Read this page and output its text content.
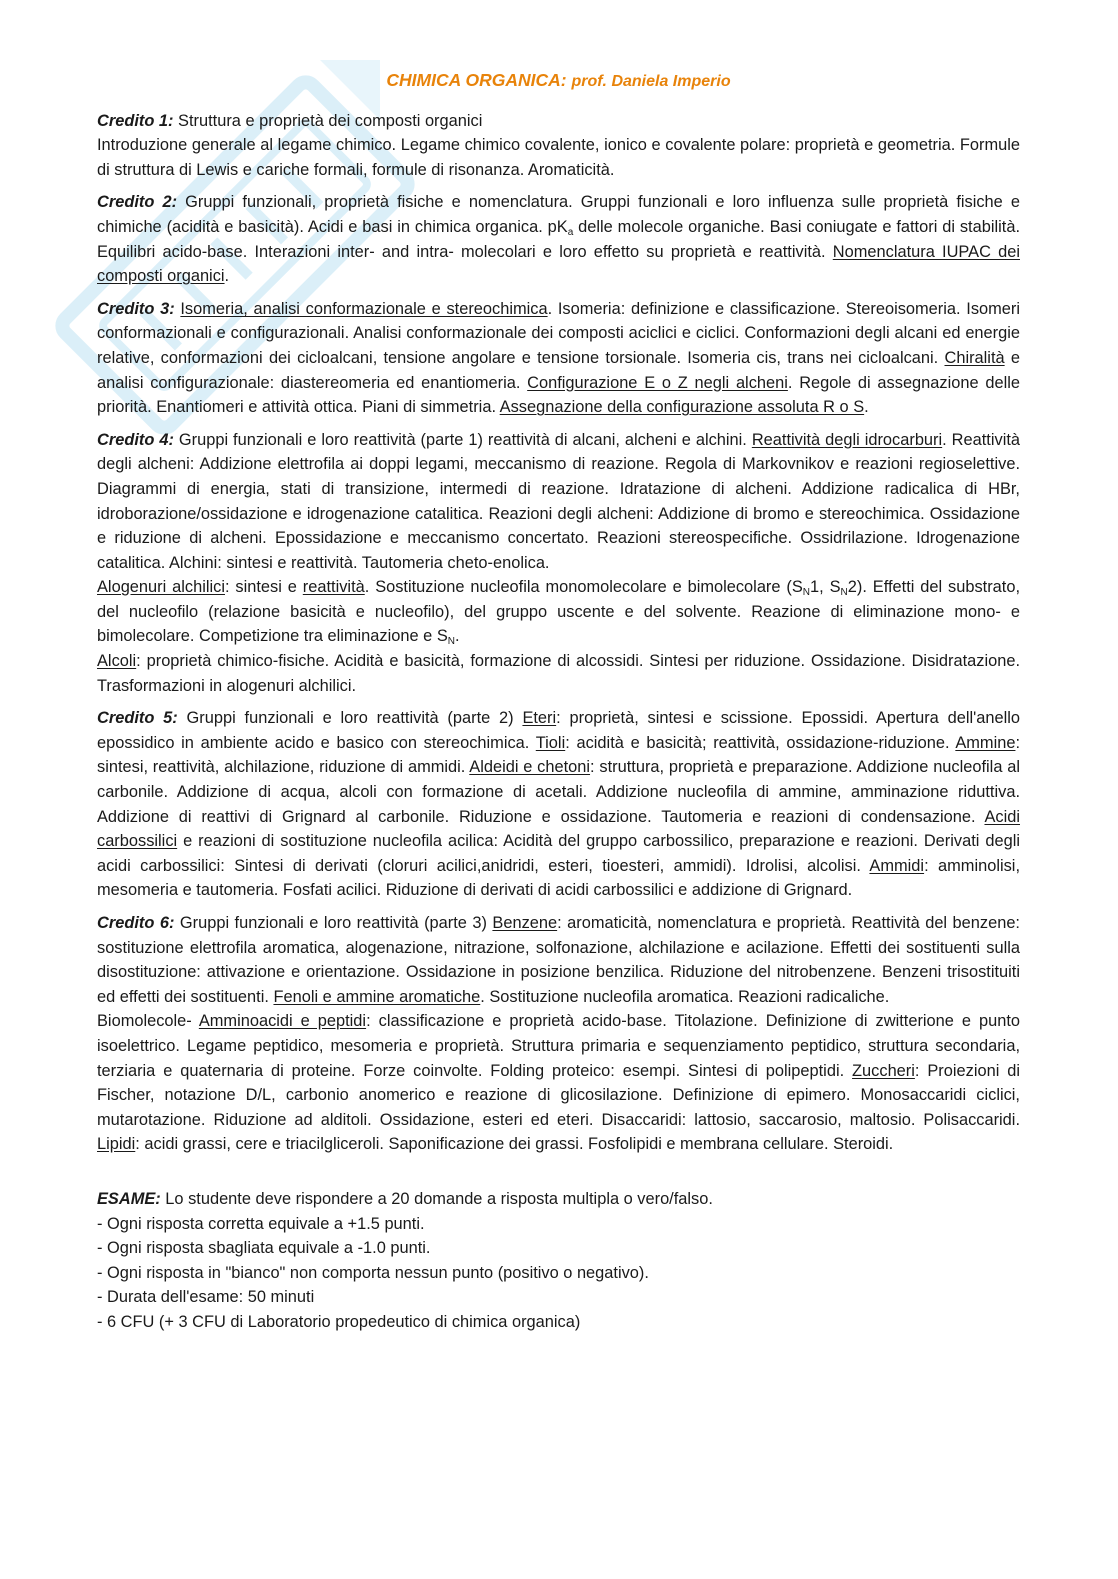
CHIMICA ORGANICA: prof. Daniela Imperio

Credito 1: Struttura e proprietà dei composti organici

Introduzione generale al legame chimico. Legame chimico covalente, ionico e covalente polare: proprietà e geometria. Formule di struttura di Lewis e cariche formali, formule di risonanza. Aromaticità.

Credito 2: Gruppi funzionali, proprietà fisiche e nomenclatura. Gruppi funzionali e loro influenza sulle proprietà fisiche e chimiche (acidità e basicità). Acidi e basi in chimica organica. $pK_a$ delle molecole organiche. Basi coniugate e fattori di stabilità. Equilibri acido-base. Interazioni inter- and intra- molecolari e loro effetto su proprietà e reattività. Nomenclatura IUPAC dei composti organici.

Credito 3: Isomeria, analisi conformazionale e stereochimica. Isomeria: definizione e classificazione. Stereoisomeria. Isomeri conformazionali e configurazionali. Analisi conformazionale dei composti aciclici e ciclici. Conformazioni degli alcani ed energie relative, conformazioni dei cicloalcani, tensione angolare e tensione torsionale. Isomeria cis, trans nei cicloalcani. Chiralità e analisi configurazionale: diastereomeria ed enantiomeria. Configurazione E o Z negli alcheni. Regole di assegnazione delle priorità. Enantiomeri e attività ottica. Piani di simmetria. Assegnazione della configurazione assoluta R o S.

Credito 4: Gruppi funzionali e loro reattività (parte 1) reattività di alcani, alcheni e alchini. Reattività degli idrocarburi. Reattività degli alcheni: Addizione elettrofila ai doppi legami, meccanismo di reazione. Regola di Markovnikov e reazioni regioselettive. Diagrammi di energia, stati di transizione, intermedi di reazione. Idratazione di alcheni. Addizione radicalica di HBr, idroborazione/ossidazione e idrogenazione catalitica. Reazioni degli alcheni: Addizione di bromo e stereochimica. Ossidazione e riduzione di alcheni. Epossidazione e meccanismo concertato. Reazioni stereospecifiche. Ossidrilazione. Idrogenazione catalitica. Alchini: sintesi e reattività. Tautomeria cheto-enolica.

Alogenuri alchilici: sintesi e reattività. Sostituzione nucleofila monomolecolare e bimolecolare ($S_N1$, $S_N2$). Effetti del substrato, del nucleofilo (relazione basicità e nucleofilo), del gruppo uscente e del solvente. Reazione di eliminazione mono- e bimolecolare. Competizione tra eliminazione e $S_N$.

Alcoli: proprietà chimico-fisiche. Acidità e basicità, formazione di alcossidi. Sintesi per riduzione. Ossidazione. Disidratazione. Trasformazioni in alogenuri alchilici.

Credito 5: Gruppi funzionali e loro reattività (parte 2) Eteri: proprietà, sintesi e scissione. Epossidi. Apertura dell'anello epossidico in ambiente acido e basico con stereochimica. Tioli: acidità e basicità; reattività, ossidazione-riduzione. Ammine: sintesi, reattività, alchilazione, riduzione di ammidi. Aldeidi e chetoni: struttura, proprietà e preparazione. Addizione nucleofila al carbonile. Addizione di acqua, alcoli con formazione di acetali. Addizione nucleofila di ammine, amminazione riduttiva. Addizione di reattivi di Grignard al carbonile. Riduzione e ossidazione. Tautomeria e reazioni di condensazione. Acidi carbossilici e reazioni di sostituzione nucleofila acilica: Acidità del gruppo carbossilico, preparazione e reazioni. Derivati degli acidi carbossilici: Sintesi di derivati (cloruri acilici,anidridi, esteri, tioesteri, ammidi). Idrolisi, alcolisi. Ammidi: amminolisi, mesomeria e tautomeria. Fosfati acilici. Riduzione di derivati di acidi carbossilici e addizione di Grignard.

Credito 6: Gruppi funzionali e loro reattività (parte 3) Benzene: aromaticità, nomenclatura e proprietà. Reattività del benzene: sostituzione elettrofila aromatica, alogenazione, nitrazione, solfonazione, alchilazione e acilazione. Effetti dei sostituenti sulla disostituzione: attivazione e orientazione. Ossidazione in posizione benzilica. Riduzione del nitrobenzene. Benzeni trisostituiti ed effetti dei sostituenti. Fenoli e ammine aromatiche. Sostituzione nucleofila aromatica. Reazioni radicaliche.

Biomolecole- Amminoacidi e peptidi: classificazione e proprietà acido-base. Titolazione. Definizione di zwitterione e punto isoelettrico. Legame peptidico, mesomeria e proprietà. Struttura primaria e sequenziamento peptidico, struttura secondaria, terziaria e quaternaria di proteine. Forze coinvolte. Folding proteico: esempi. Sintesi di polipeptidi. Zuccheri: Proiezioni di Fischer, notazione D/L, carbonio anomerico e reazione di glicosilazione. Definizione di epimero. Monosaccaridi ciclici, mutarotazione. Riduzione ad alditoli. Ossidazione, esteri ed eteri. Disaccaridi: lattosio, saccarosio, maltosio. Polisaccaridi. Lipidi: acidi grassi, cere e triacilgliceroli. Saponificazione dei grassi. Fosfolipidi e membrana cellulare. Steroidi.

ESAME: Lo studente deve rispondere a 20 domande a risposta multipla o vero/falso.

- Ogni risposta corretta equivale a +1.5 punti.

- Ogni risposta sbagliata equivale a -1.0 punti.

- Ogni risposta in "bianco" non comporta nessun punto (positivo o negativo).

- Durata dell'esame: 50 minuti

- 6 CFU (+ 3 CFU di Laboratorio propedeutico di chimica organica)
